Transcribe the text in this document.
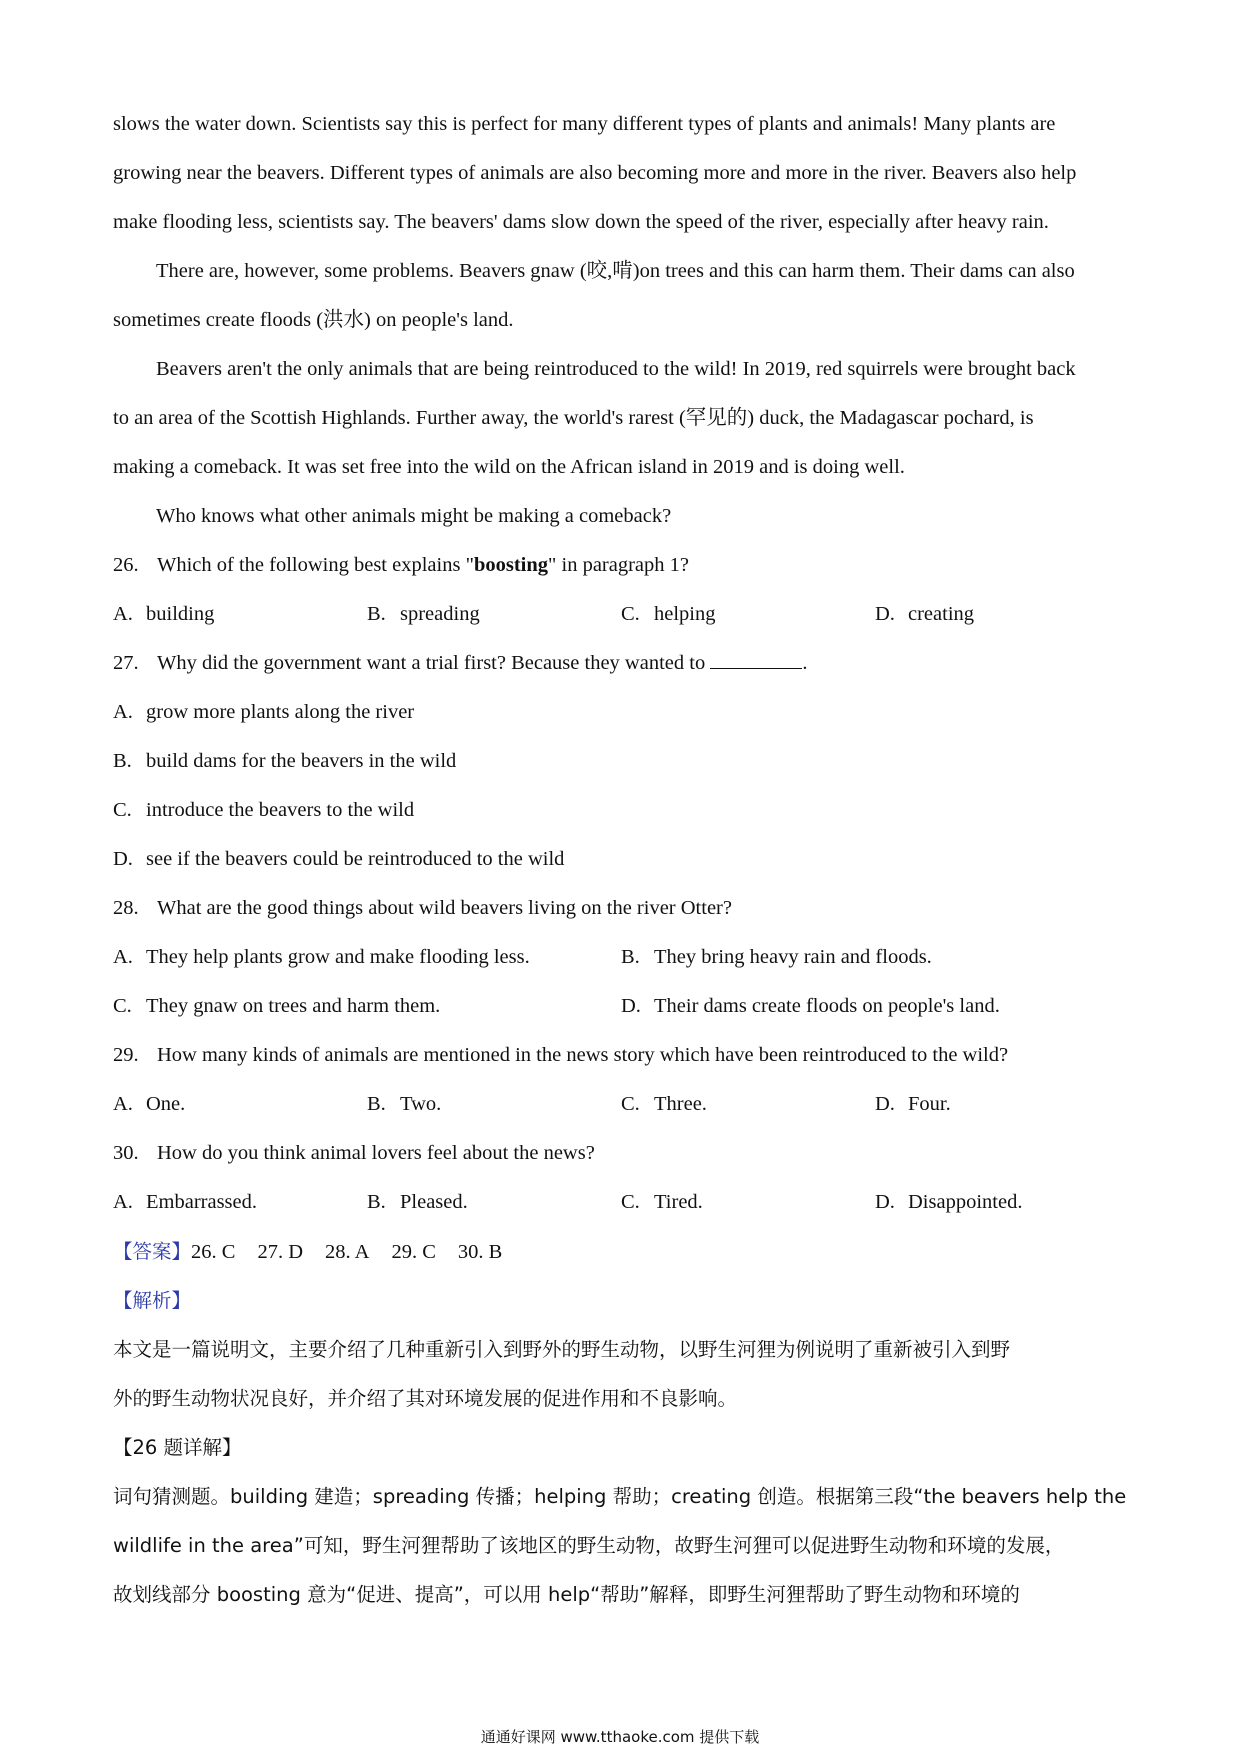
slows the water down. Scientists say this is perfect for many different types of plants and animals! Many plants are
growing near the beavers. Different types of animals are also becoming more and more in the river. Beavers also help
make flooding less, scientists say. The beavers' dams slow down the speed of the river, especially after heavy rain.
There are, however, some problems. Beavers gnaw (咬,啃)on trees and this can harm them. Their dams can also
sometimes create floods (洪水) on people's land.
Beavers aren't the only animals that are being reintroduced to the wild! In 2019, red squirrels were brought back
to an area of the Scottish Highlands. Further away, the world's rarest (罕见的) duck, the Madagascar pochard, is
making a comeback. It was set free into the wild on the African island in 2019 and is doing well.
Who knows what other animals might be making a comeback?
26. Which of the following best explains "boosting" in paragraph 1?
A. building	B. spreading	C. helping	D. creating
27. Why did the government want a trial first? Because they wanted to	.
A. grow more plants along the river
B. build dams for the beavers in the wild
C. introduce the beavers to the wild
D. see if the beavers could be reintroduced to the wild
28. What are the good things about wild beavers living on the river Otter?
A. They help plants grow and make flooding less.	B. They bring heavy rain and floods.
C. They gnaw on trees and harm them.	D. Their dams create floods on people's land.
29. How many kinds of animals are mentioned in the news story which have been reintroduced to the wild?
A. One.	B. Two.	C. Three.	D. Four.
30. How do you think animal lovers feel about the news?
A. Embarrassed.	B. Pleased.	C. Tired.	D. Disappointed.
【答案】26. C 27. D 28. A 29. C 30. B
【解析】
本文是一篇说明文，主要介绍了几种重新引入到野外的野生动物，以野生河狸为例说明了重新被引入到野
外的野生动物状况良好，并介绍了其对环境发展的促进作用和不良影响。
【26 题详解】
词句猜测题。building 建造；spreading 传播；helping 帮助；creating 创造。根据第三段“the beavers help the
wildlife in the area”可知，野生河狸帮助了该地区的野生动物，故野生河狸可以促进野生动物和环境的发展，
故划线部分 boosting 意为“促进、提高”，可以用 help“帮助”解释，即野生河狸帮助了野生动物和环境的
通通好课网 www.tthaoke.com 提供下载
